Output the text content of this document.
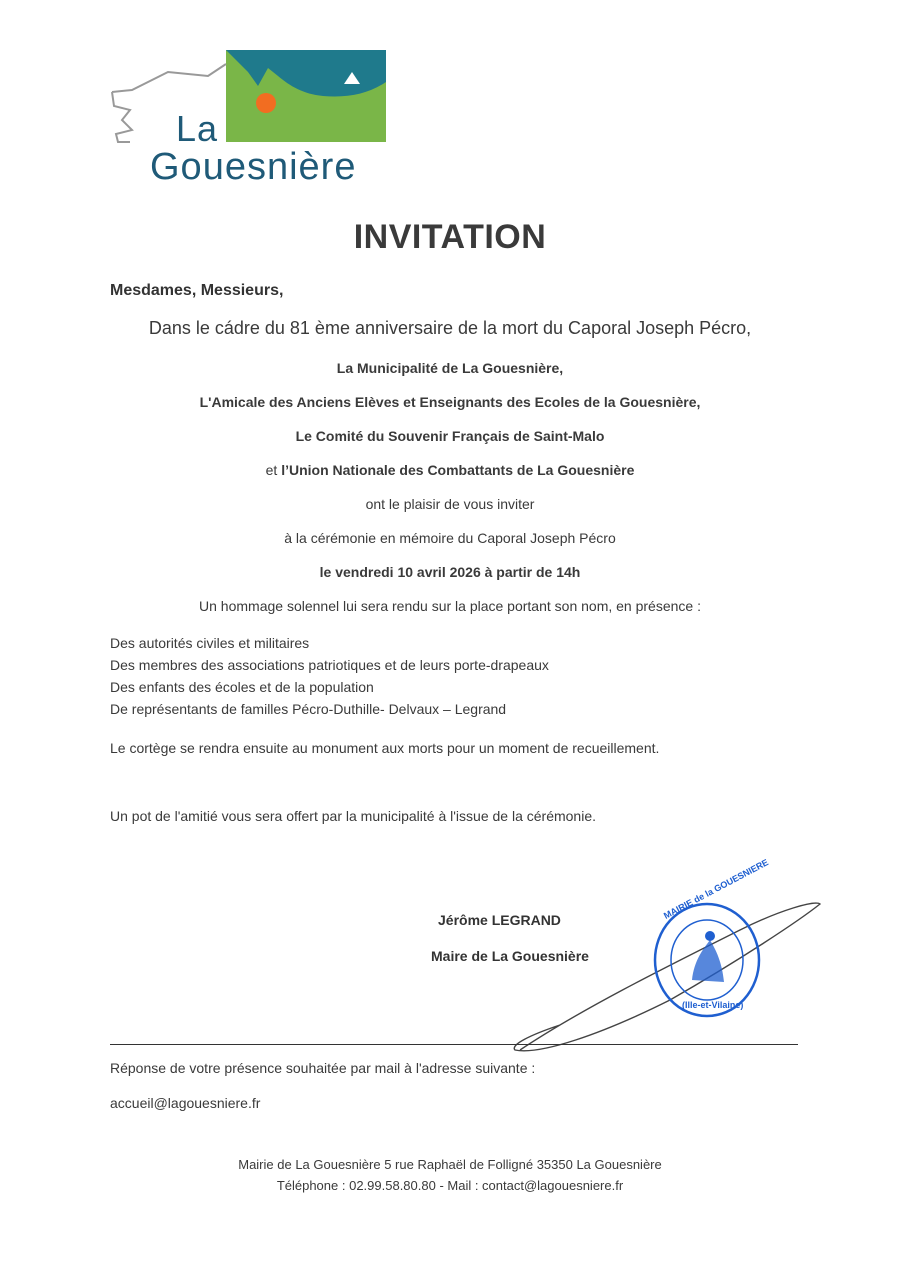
La
Gouesnière
INVITATION
Mesdames, Messieurs,
Dans le cádre du 81 ème anniversaire de la mort du Caporal Joseph Pécro,
La Municipalité de La Gouesnière,
L'Amicale des Anciens Elèves et Enseignants des Ecoles de la Gouesnière,
Le Comité du Souvenir Français de Saint-Malo
et l’Union Nationale des Combattants de La Gouesnière
ont le plaisir de vous inviter
à la cérémonie en mémoire du Caporal Joseph Pécro
le vendredi 10 avril 2026 à partir de 14h
Un hommage solennel lui sera rendu sur la place portant son nom, en présence :
Des autorités civiles et militaires
Des membres des associations patriotiques et de leurs porte-drapeaux
Des enfants des écoles et de la population
De représentants de familles Pécro-Duthille- Delvaux – Legrand
Le cortège se rendra ensuite au monument aux morts pour un moment de recueillement.
Un pot de l'amitié vous sera offert par la municipalité à l'issue de la cérémonie.
Jérôme LEGRAND
Maire de La Gouesnière
MAIRIE de la GOUESNIERE
(Ille-et-Vilaine)
Réponse de votre présence souhaitée par mail à l'adresse suivante :
accueil@lagouesniere.fr
Mairie de La Gouesnière 5 rue Raphaël de Folligné 35350 La Gouesnière
Téléphone : 02.99.58.80.80 - Mail : contact@lagouesniere.fr
